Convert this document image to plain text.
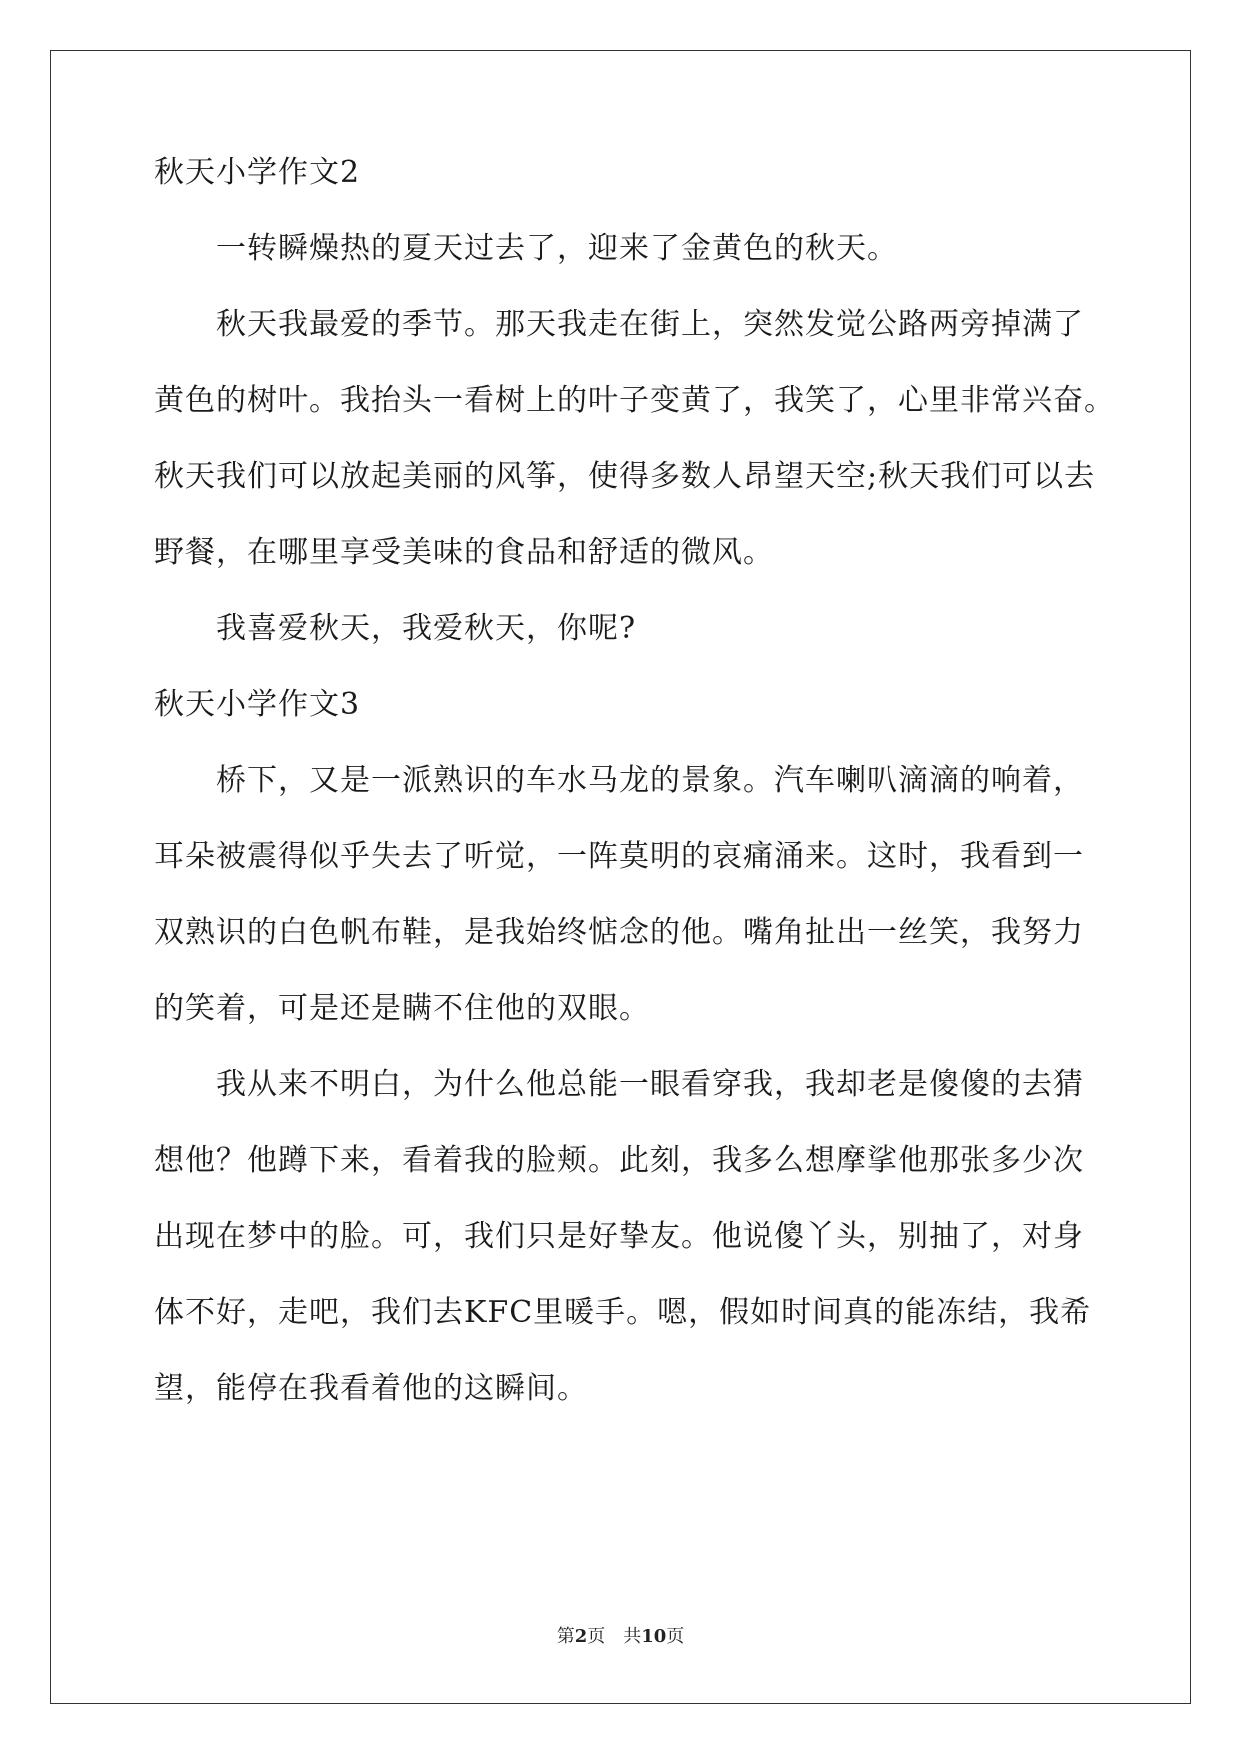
秋天小学作文2
一转瞬燥热的夏天过去了，迎来了金黄色的秋天。
秋天我最爱的季节。那天我走在街上，突然发觉公路两旁掉满了
黄色的树叶。我抬头一看树上的叶子变黄了，我笑了，心里非常兴奋。
秋天我们可以放起美丽的风筝，使得多数人昂望天空;秋天我们可以去
野餐，在哪里享受美味的食品和舒适的微风。
我喜爱秋天，我爱秋天，你呢?
秋天小学作文3
桥下，又是一派熟识的车水马龙的景象。汽车喇叭滴滴的响着，
耳朵被震得似乎失去了听觉，一阵莫明的哀痛涌来。这时，我看到一
双熟识的白色帆布鞋，是我始终惦念的他。嘴角扯出一丝笑，我努力
的笑着，可是还是瞒不住他的双眼。
我从来不明白，为什么他总能一眼看穿我，我却老是傻傻的去猜
想他？他蹲下来，看着我的脸颊。此刻，我多么想摩挲他那张多少次
出现在梦中的脸。可，我们只是好挚友。他说傻丫头，别抽了，对身
体不好，走吧，我们去KFC里暖手。嗯，假如时间真的能冻结，我希
望，能停在我看着他的这瞬间。
第2页 共10页
